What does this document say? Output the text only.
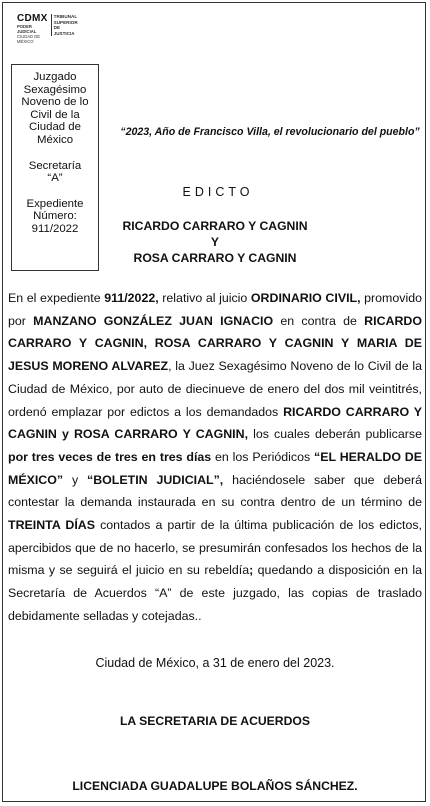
CDMX
PODER JUDICIAL
CIUDAD DE MÉXICO
TRIBUNAL
SUPERIOR DE
JUSTICIA
Juzgado
Sexagésimo
Noveno de lo
Civil de la
Ciudad de
México
Secretaría
“A”
Expediente
Número:
911/2022
“2023, Año de Francisco Villa, el revolucionario del pueblo”
EDICTO
RICARDO CARRARO Y CAGNIN
Y
ROSA CARRARO Y CAGNIN
En el expediente 911/2022, relativo al juicio ORDINARIO CIVIL, promovido por MANZANO GONZÁLEZ JUAN IGNACIO en contra de RICARDO CARRARO Y CAGNIN, ROSA CARRARO Y CAGNIN Y MARIA DE JESUS MORENO ALVAREZ, la Juez Sexagésimo Noveno de lo Civil de la Ciudad de México, por auto de diecinueve de enero del dos mil veintitrés, ordenó emplazar por edictos a los demandados RICARDO CARRARO Y CAGNIN y ROSA CARRARO Y CAGNIN, los cuales deberán publicarse por tres veces de tres en tres días en los Periódicos “EL HERALDO DE MÉXICO” y “BOLETIN JUDICIAL”, haciéndosele saber que deberá contestar la demanda instaurada en su contra dentro de un término de TREINTA DÍAS contados a partir de la última publicación de los edictos, apercibidos que de no hacerlo, se presumirán confesados los hechos de la misma y se seguirá el juicio en su rebeldía; quedando a disposición en la Secretaría de Acuerdos “A” de este juzgado, las copias de traslado debidamente selladas y cotejadas..
Ciudad de México, a 31 de enero del 2023.
LA SECRETARIA DE ACUERDOS
LICENCIADA GUADALUPE BOLAÑOS SÁNCHEZ.
